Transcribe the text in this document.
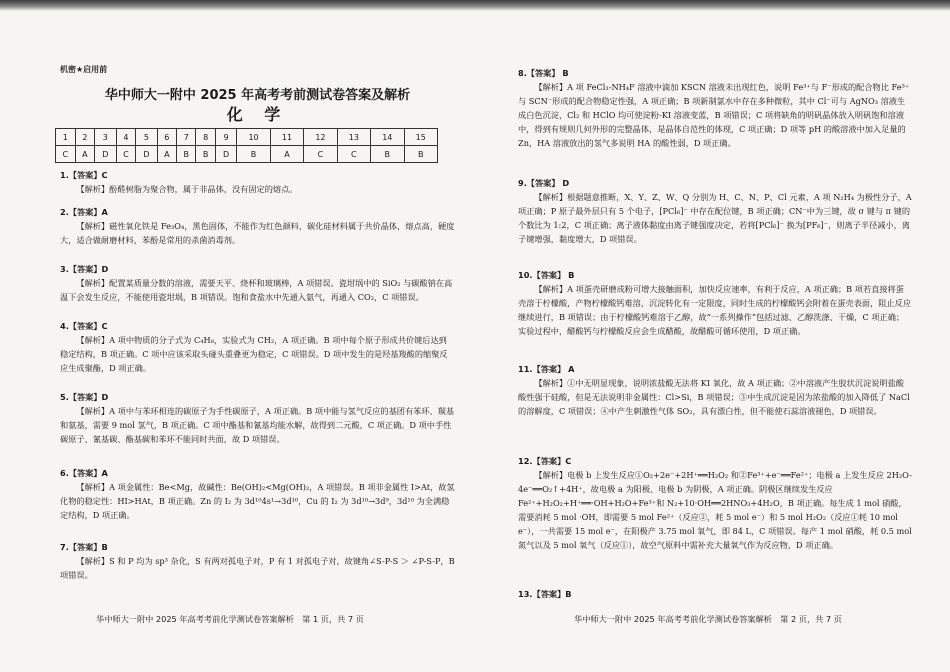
机密★启用前
华中师大一附中 2025 年高考考前测试卷答案及解析
化 学
1	2	3	4	5	6	7	8	9	10	11	12	13	14	15
C	A	D	C	D	A	B	B	D	B	A	C	C	B	B
1.【答案】C

【解析】酚醛树脂为聚合物，属于非晶体，没有固定的熔点。

2.【答案】A

【解析】磁性氧化铁是 Fe₃O₄，黑色固体，不能作为红色颜料，碳化硅材料属于共价晶体，熔点高，硬度大，适合做耐磨材料，苯酚是常用的杀菌消毒剂。

3.【答案】D

【解析】配置某质量分数的溶液，需要天平、烧杯和玻璃棒，A 项错误。瓷坩埚中的 SiO₂ 与碳酸钠在高温下会发生反应，不能使用瓷坩埚，B 项错误。饱和食盐水中先通入氨气，再通入 CO₂，C 项错误。

4.【答案】C

【解析】A 项中物质的分子式为 C₄H₈，实验式为 CH₂，A 项正确。B 项中每个原子形成共价键后达到稳定结构，B 项正确。C 项中应该采取头碰头重叠更为稳定，C 项错误。D 项中发生的是羟基羧酸的缩聚反应生成聚酯，D 项正确。

5.【答案】D

【解析】A 项中与苯环相连的碳原子为手性碳原子，A 项正确。B 项中能与氢气反应的基团有苯环、羰基和氨基，需要 9 mol 氢气，B 项正确。C 项中酯基和氰基均能水解，故得到二元酸，C 项正确。D 项中手性碳原子、氰基碳、酯基碳和苯环不能同时共面，故 D 项错误。

6.【答案】A

【解析】A 项金属性：Be<Mg，故碱性：Be(OH)₂<Mg(OH)₂，A 项错误。B 项非金属性 I>At，故氢化物的稳定性：HI>HAt，B 项正确。Zn 的 I₂ 为 3d¹⁰4s¹→3d¹⁰，Cu 的 I₂ 为 3d¹⁰→3d⁹，3d¹⁰ 为全满稳定结构，D 项正确。

7.【答案】B

【解析】S 和 P 均为 sp³ 杂化，S 有两对孤电子对，P 有 1 对孤电子对，故键角∠S-P-S ＞ ∠P-S-P，B 项错误。

华中师大一附中 2025 年高考考前化学测试卷答案解析　第 1 页，共 7 页
8.【答案】 B

【解析】A 项 FeCl₃-NH₄F 溶液中滴加 KSCN 溶液未出现红色，说明 Fe³⁺与 F⁻形成的配合物比 Fe³⁺与 SCN⁻形成的配合物稳定性强，A 项正确；B 项新制氯水中存在多种微粒，其中 Cl⁻可与 AgNO₃ 溶液生成白色沉淀，Cl₂ 和 HClO 均可使淀粉-KI 溶液变蓝，B 项错误；C 项将缺角的明矾晶体放入明矾饱和溶液中，得到有规则几何外形的完整晶体，是晶体自范性的体现，C 项正确；D 项等 pH 的酸溶液中加入足量的 Zn，HA 溶液放出的氢气多说明 HA 的酸性弱，D 项正确。

9.【答案】 D

【解析】根据题意推断，X、Y、Z、W、Q 分别为 H、C、N、P、Cl 元素，A 项 N₂H₄ 为极性分子，A 项正确；P 原子最外层只有 5 个电子，[PCl₆]⁻ 中存在配位键，B 项正确；CN⁻中为三键，故 σ 键与 π 键的个数比为 1:2，C 项正确；离子液体黏度由离子键强度决定，若将[PCl₆]⁻ 换为[PF₆]⁻，则离子半径减小，离子键增强，黏度增大，D 项错误。

10.【答案】 B

【解析】A 项蛋壳研磨成粉可增大接触面积，加快反应速率，有利于反应，A 项正确；B 项若直接将蛋壳溶于柠檬酸，产物柠檬酸钙难溶，沉淀转化有一定限度，同时生成的柠檬酸钙会附着在蛋壳表面，阻止反应继续进行，B 项错误；由于柠檬酸钙难溶于乙醇，故“一系列操作”包括过滤、乙醇洗涤、干燥，C 项正确；实验过程中，醋酸钙与柠檬酸反应会生成醋酸，故醋酸可循环使用，D 项正确。

11.【答案】 A

【解析】①中无明显现象，说明浓盐酸无法将 KI 氧化，故 A 项正确；②中溶液产生胶状沉淀说明盐酸酸性强于硅酸，但是无法说明非金属性：Cl>Si，B 项错误；③中生成沉淀是因为浓盐酸的加入降低了 NaCl 的溶解度，C 项错误；④中产生刺激性气体 SO₂，具有漂白性，但不能使石蕊溶液褪色，D 项错误。

12.【答案】C

【解析】电极 b 上发生反应①O₂+2e⁻+2H⁺══H₂O₂ 和②Fe³⁺+e⁻══Fe²⁺；电极 a 上发生反应 2H₂O-4e⁻══O₂↑+4H⁺，故电极 a 为阳极、电极 b 为阴极，A 项正确。阴极区继续发生反应 Fe²⁺+H₂O₂+H⁺══·OH+H₂O+Fe³⁺和 N₂+10·OH══2HNO₃+4H₂O，B 项正确。每生成 1 mol 硝酸，需要消耗 5 mol ·OH，即需要 5 mol Fe²⁺（反应②，耗 5 mol e⁻）和 5 mol H₂O₂（反应①耗 10 mol e⁻），一共需要 15 mol e⁻，在阳极产 3.75 mol 氧气，即 84 L，C 项错误。每产 1 mol 硝酸，耗 0.5 mol 氮气以及 5 mol 氧气（反应①），故空气原料中需补充大量氧气作为反应物，D 项正确。

13.【答案】B
华中师大一附中 2025 年高考考前化学测试卷答案解析　第 2 页，共 7 页
